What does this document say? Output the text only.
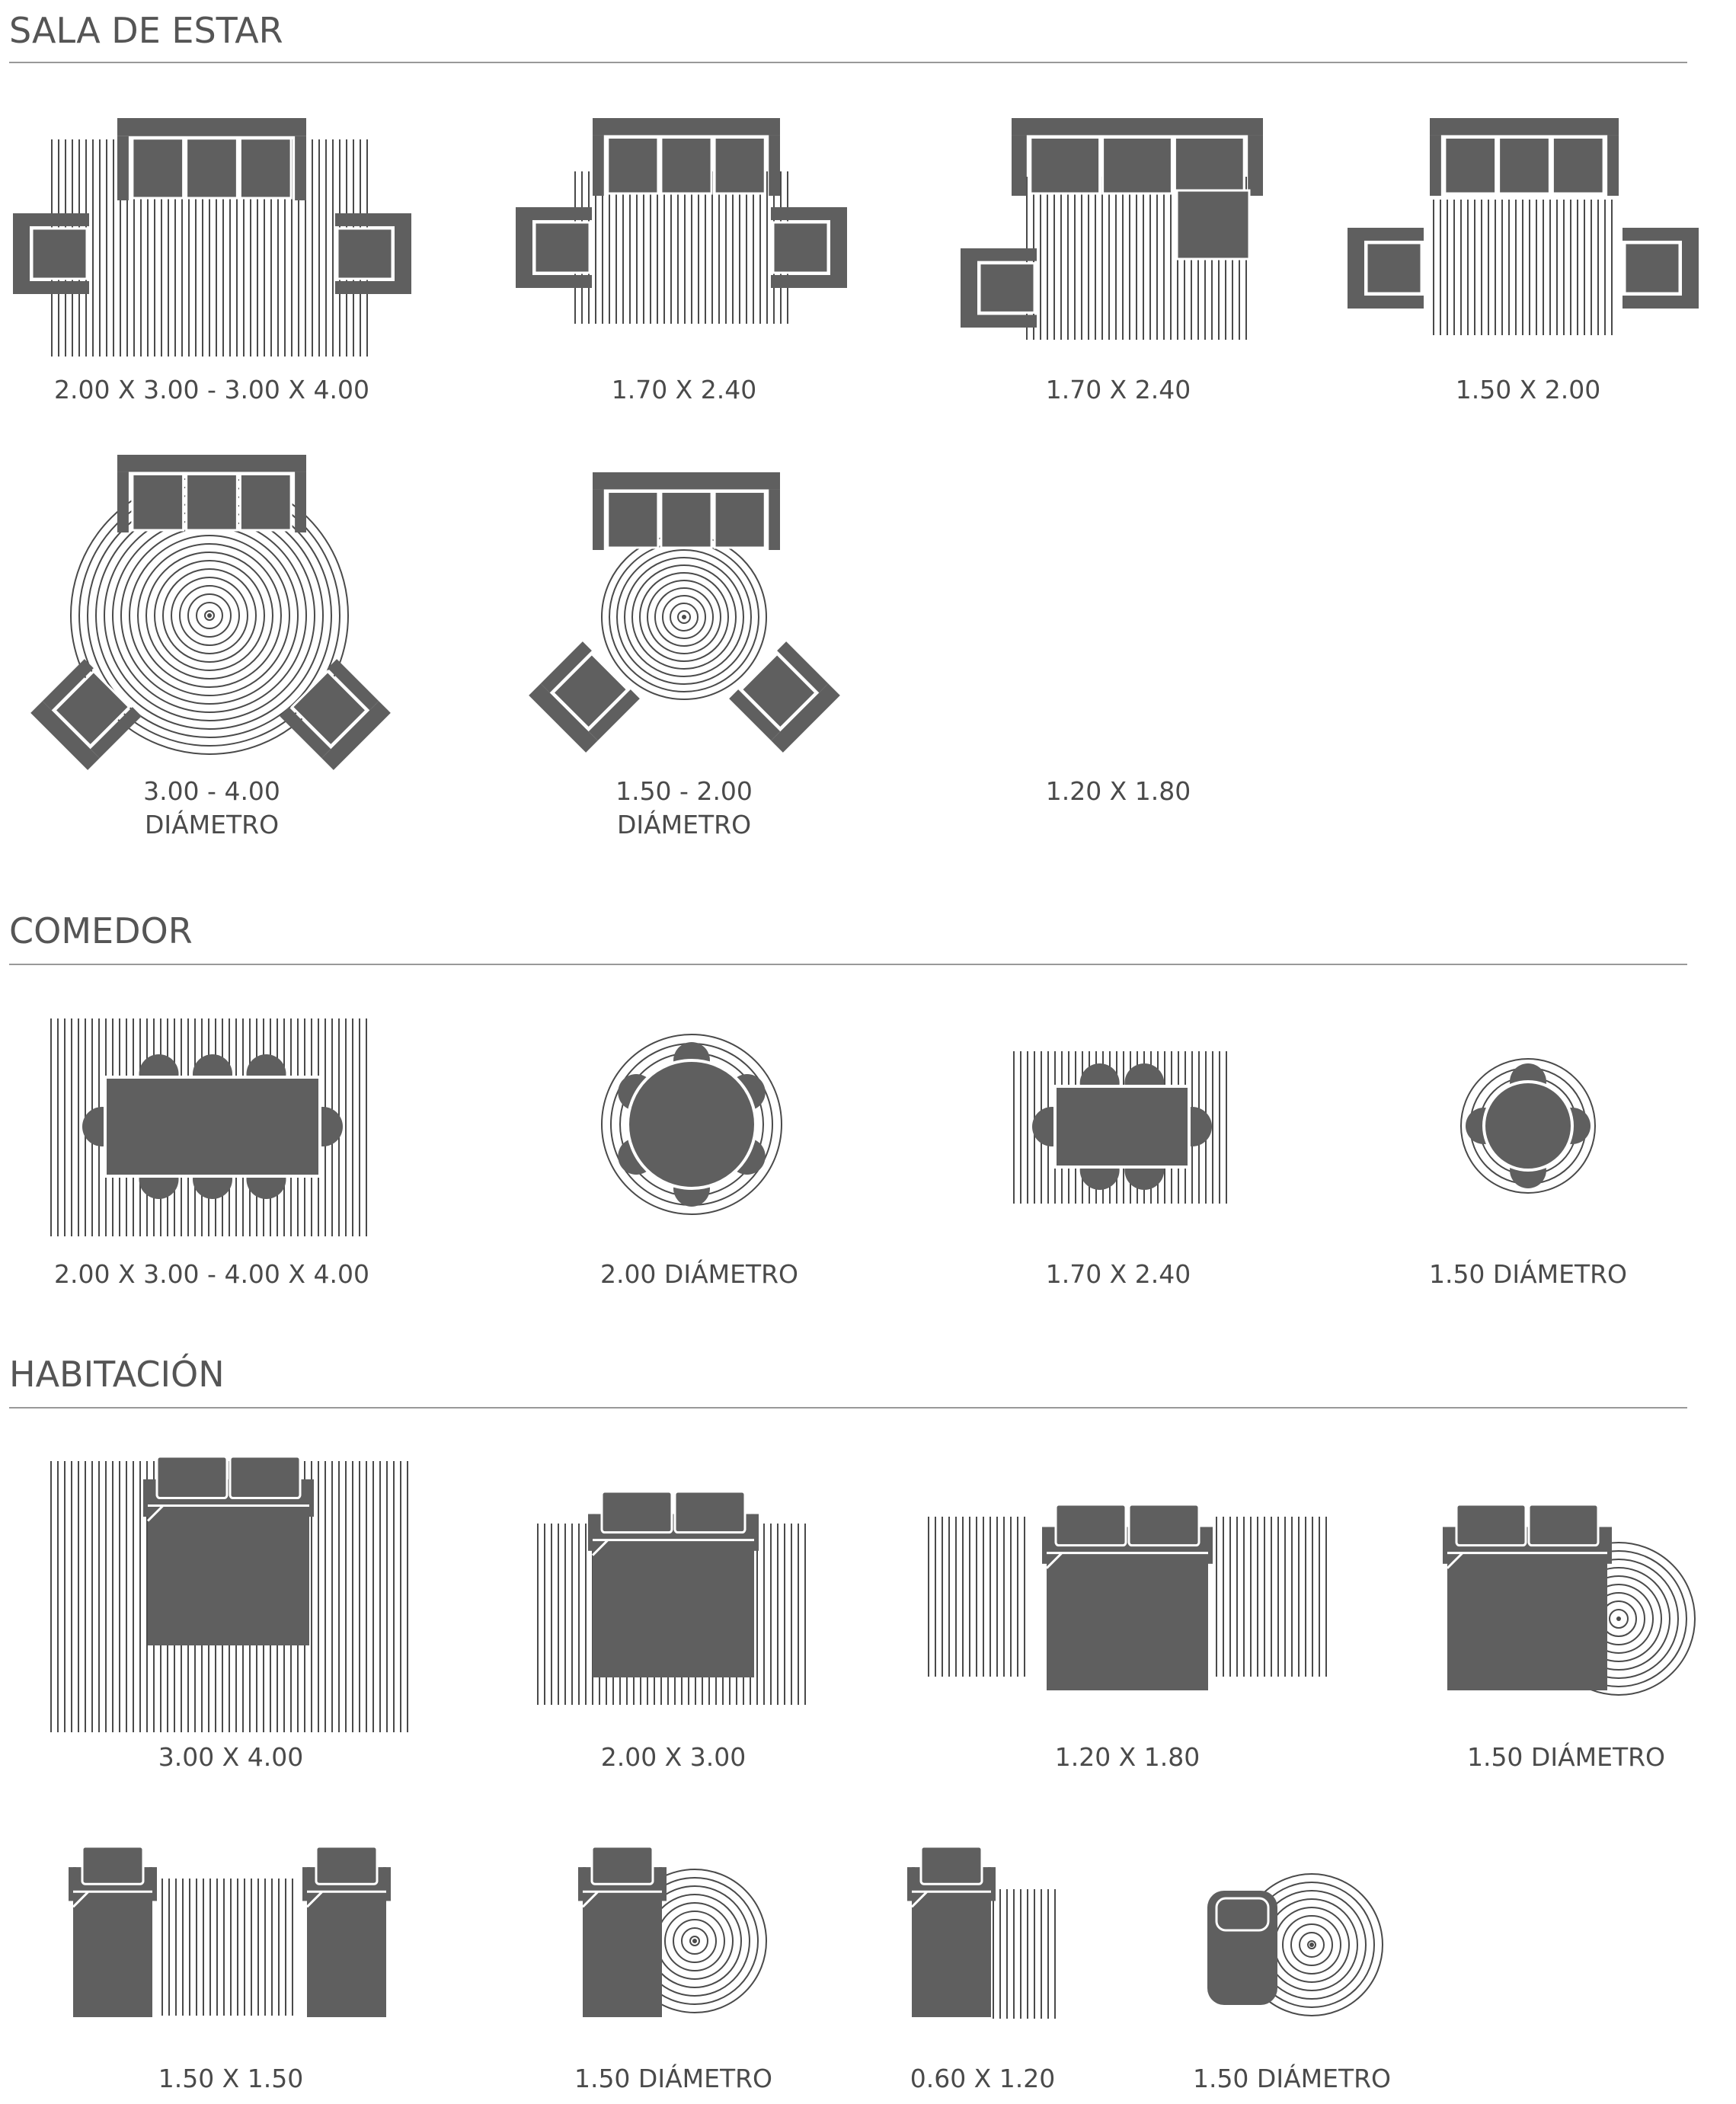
SALA DE ESTAR
COMEDOR
HABITACIÓN
2.00 X 3.00 - 3.00 X 4.00	1.70 X 2.40	1.70 X 2.40	1.50 X 2.00
3.00 - 4.00
DIÁMETRO
1.50 - 2.00
DIÁMETRO
1.20 X 1.80
2.00 X 3.00 - 4.00 X 4.00	2.00 DIÁMETRO	1.70 X 2.40	1.50 DIÁMETRO
3.00 X 4.00	2.00 X 3.00	1.20 X 1.80	1.50 DIÁMETRO
1.50 X 1.50	1.50 DIÁMETRO	0.60 X 1.20	1.50 DIÁMETRO
